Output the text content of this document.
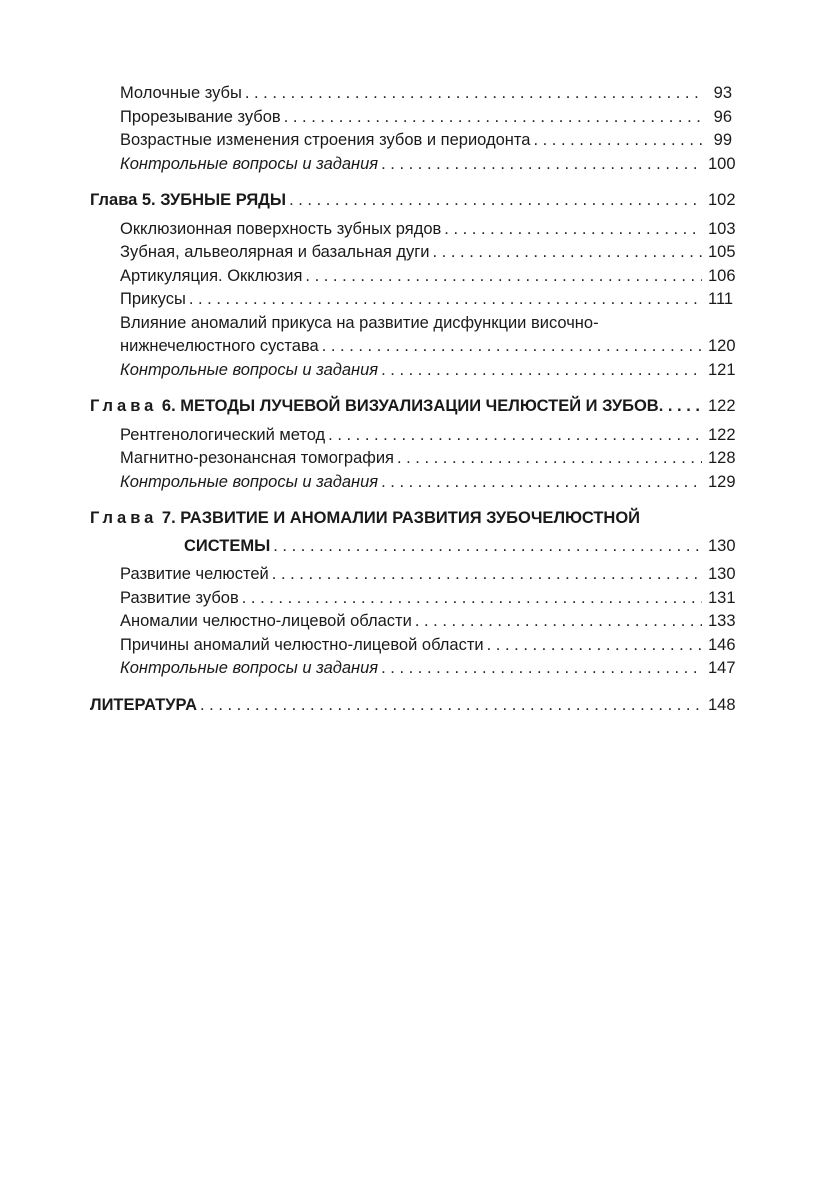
Молочные зубы . . .	93
Прорезывание зубов . . .	96
Возрастные изменения строения зубов и периодонта . . .	99
Контрольные вопросы и задания . . .	100
Глава 5. ЗУБНЫЕ РЯДЫ . . .	102
Окклюзионная поверхность зубных рядов . . .	103
Зубная, альвеолярная и базальная дуги . . .	105
Артикуляция. Окклюзия . . .	106
Прикусы . . .	111
Влияние аномалий прикуса на развитие дисфункции височно-
нижнечелюстного сустава . . .	120
Контрольные вопросы и задания . . .	121
Глава 6. МЕТОДЫ ЛУЧЕВОЙ ВИЗУАЛИЗАЦИИ ЧЕЛЮСТЕЙ И ЗУБОВ . . .	122
Рентгенологический метод . . .	122
Магнитно-резонансная томография . . .	128
Контрольные вопросы и задания . . .	129
Глава 7. РАЗВИТИЕ И АНОМАЛИИ РАЗВИТИЯ ЗУБОЧЕЛЮСТНОЙ
СИСТЕМЫ . . .	130
Развитие челюстей . . .	130
Развитие зубов . . .	131
Аномалии челюстно-лицевой области . . .	133
Причины аномалий челюстно-лицевой области . . .	146
Контрольные вопросы и задания . . .	147
ЛИТЕРАТУРА . . .	148
